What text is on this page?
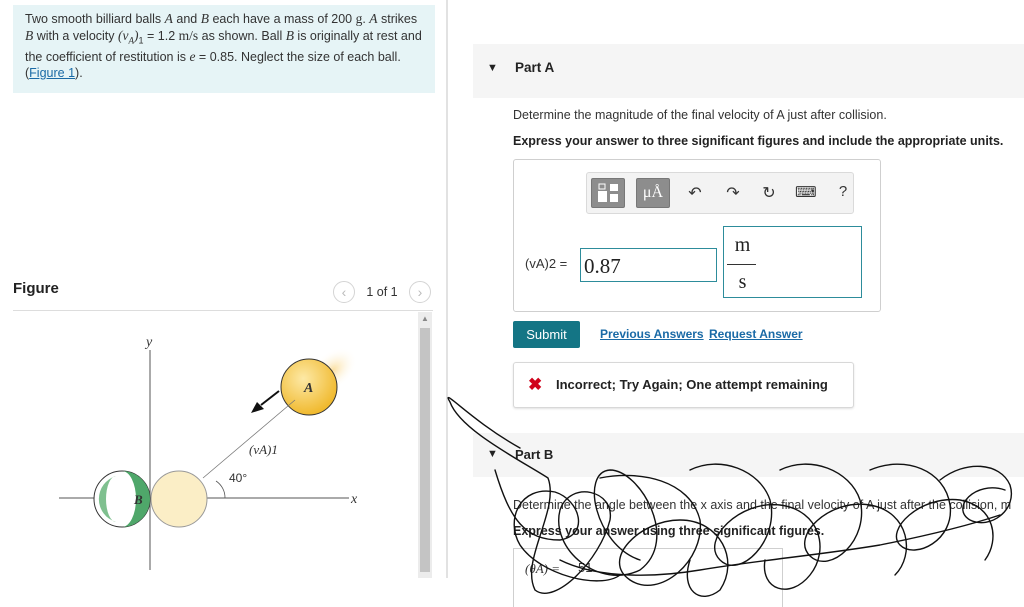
Two smooth billiard balls A and B each have a mass of 200 g. A strikes B with a velocity $(v_A)_1 = 1.2$ m/s as shown. Ball B is originally at rest and the coefficient of restitution is e = 0.85. Neglect the size of each ball. (Figure 1).
Figure	‹	1 of 1	›
y
x
A
B
(vA)1
40°
▲
▼ Part A
Determine the magnitude of the final velocity of A just after collision.
Express your answer to three significant figures and include the appropriate units.
μÅ	↶ ↷ ↻ ⌨	?
(vA)2 = 0.87
m
s
Submit	Previous Answers Request Answer
✖ Incorrect; Try Again; One attempt remaining
▼ Part B
Determine the angle between the x axis and the final velocity of A just after the collision, m
Express your answer using three significant figures.
(θA) = 51
